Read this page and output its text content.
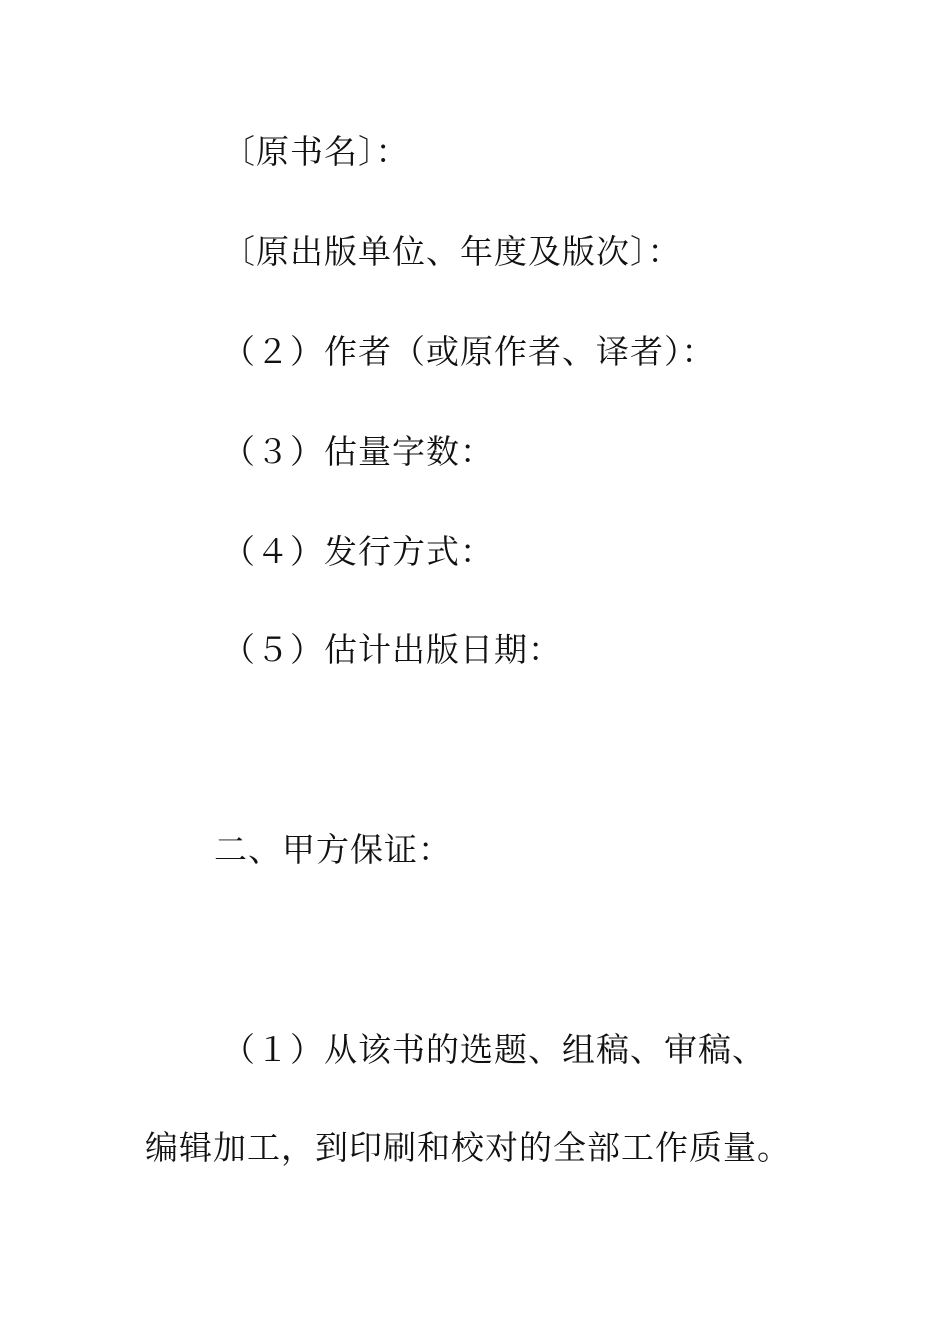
〔原书名〕：
〔原出版单位、年度及版次〕：
（２）作者（或原作者、译者）：
（３）估量字数：
（４）发行方式：
（５）估计出版日期：
二、甲方保证：
（１）从该书的选题、组稿、审稿、
编辑加工，到印刷和校对的全部工作质量。
